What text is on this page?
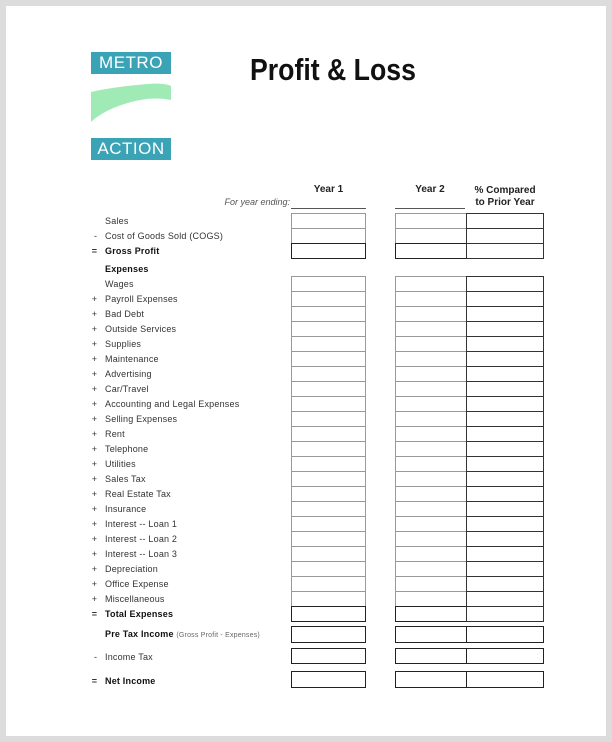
METRO
ACTION
Profit & Loss
Year 1	Year 2	% Compared
to Prior Year
For year ending:
Sales
- Cost of Goods Sold (COGS)
= Gross Profit
Wages
+ Payroll Expenses
+ Bad Debt
+ Outside Services
+ Supplies
+ Maintenance
+ Advertising
+ Car/Travel
+ Accounting and Legal Expenses
+ Selling Expenses
+ Rent
+ Telephone
+ Utilities
+ Sales Tax
+ Real Estate Tax
+ Insurance
+ Interest -- Loan 1
+ Interest -- Loan 2
+ Interest -- Loan 3
+ Depreciation
+ Office Expense
+ Miscellaneous
= Total Expenses
Expenses
Pre Tax Income (Gross Profit - Expenses)
- Income Tax
= Net Income
